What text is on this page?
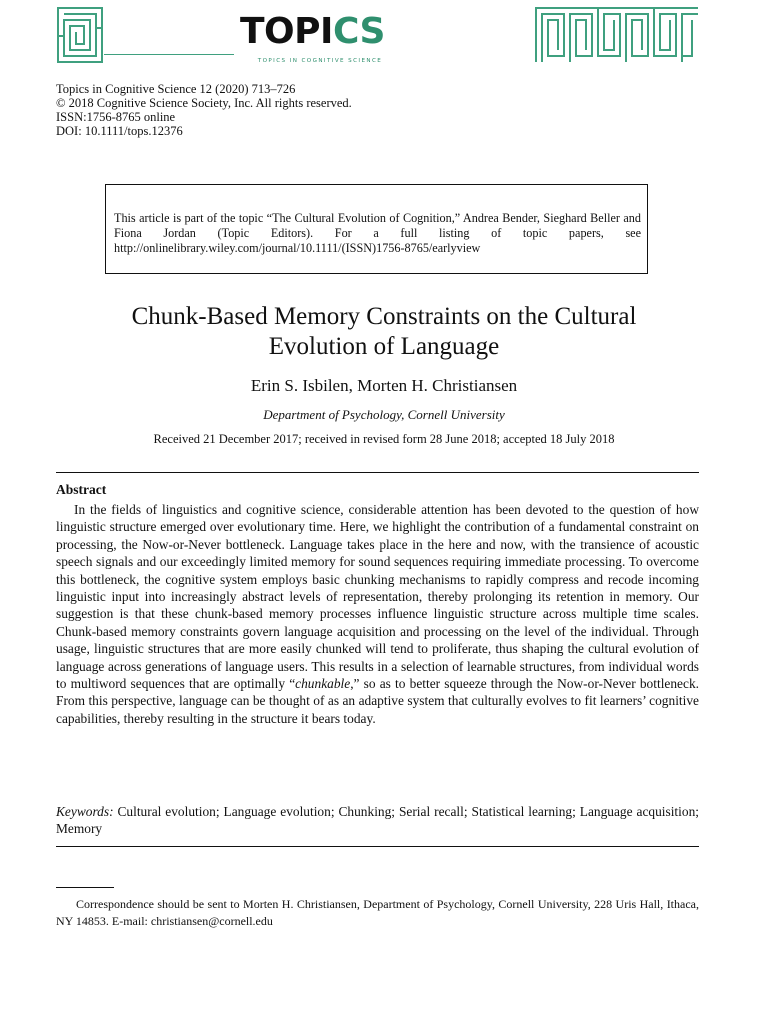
TOPICS
TOPICS IN COGNITIVE SCIENCE
Topics in Cognitive Science 12 (2020) 713–726
© 2018 Cognitive Science Society, Inc. All rights reserved.
ISSN:1756-8765 online
DOI: 10.1111/tops.12376

This article is part of the topic “The Cultural Evolution of Cognition,” Andrea Bender, Sieghard Beller and Fiona Jordan (Topic Editors). For a full listing of topic papers, see http://onlinelibrary.wiley.com/journal/10.1111/(ISSN)1756-8765/earlyview

Chunk-Based Memory Constraints on the Cultural
Evolution of Language
Erin S. Isbilen, Morten H. Christiansen
Department of Psychology, Cornell University
Received 21 December 2017; received in revised form 28 June 2018; accepted 18 July 2018
Abstract

In the fields of linguistics and cognitive science, considerable attention has been devoted to the question of how linguistic structure emerged over evolutionary time. Here, we highlight the contribution of a fundamental constraint on processing, the Now-or-Never bottleneck. Language takes place in the here and now, with the transience of acoustic speech signals and our exceedingly limited memory for sound sequences requiring immediate processing. To overcome this bottleneck, the cognitive system employs basic chunking mechanisms to rapidly compress and recode incoming linguistic input into increasingly abstract levels of representation, thereby prolonging its retention in memory. Our suggestion is that these chunk-based memory processes influence linguistic structure across multiple time scales. Chunk-based memory constraints govern language acquisition and processing on the level of the individual. Through usage, linguistic structures that are more easily chunked will tend to proliferate, thus shaping the cultural evolution of language across generations of language users. This results in a selection of learnable structures, from individual words to multiword sequences that are optimally “chunkable,” so as to better squeeze through the Now-or-Never bottleneck. From this perspective, language can be thought of as an adaptive system that culturally evolves to fit learners’ cognitive capabilities, thereby resulting in the structure it bears today.

Keywords: Cultural evolution; Language evolution; Chunking; Serial recall; Statistical learning; Language acquisition; Memory

Correspondence should be sent to Morten H. Christiansen, Department of Psychology, Cornell University, 228 Uris Hall, Ithaca, NY 14853. E-mail: christiansen@cornell.edu
